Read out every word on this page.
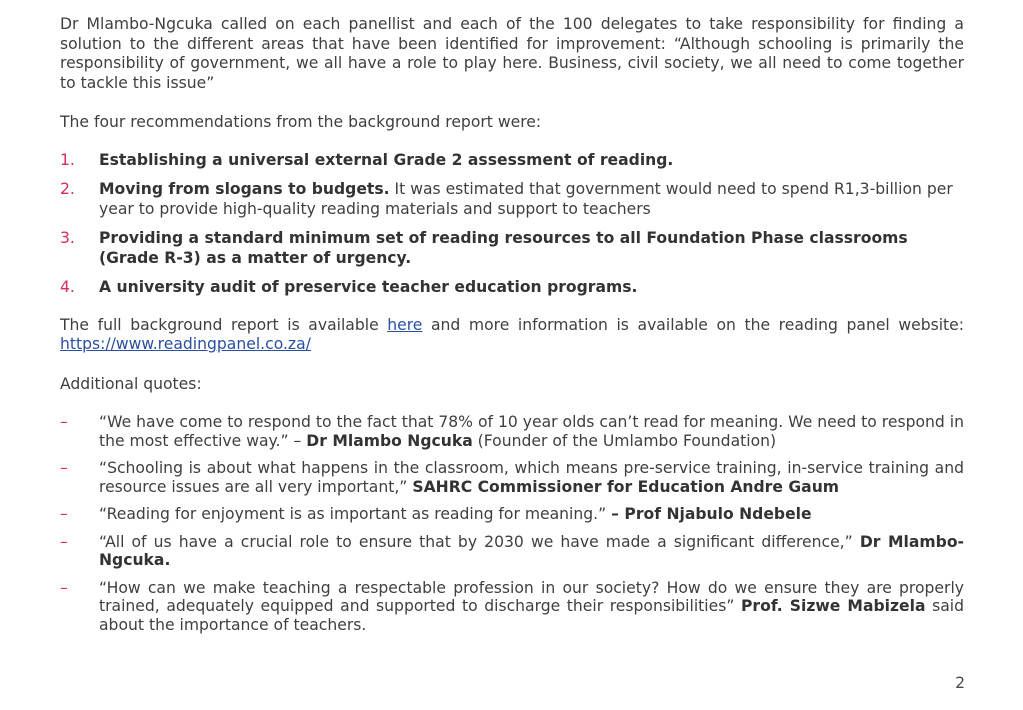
Dr Mlambo-Ngcuka called on each panellist and each of the 100 delegates to take responsibility for finding a solution to the different areas that have been identified for improvement: “Although schooling is primarily the responsibility of government, we all have a role to play here. Business, civil society, we all need to come together to tackle this issue”

The four recommendations from the background report were:

1. Establishing a universal external Grade 2 assessment of reading.
2. Moving from slogans to budgets. It was estimated that government would need to spend R1,3-billion per year to provide high-quality reading materials and support to teachers
3. Providing a standard minimum set of reading resources to all Foundation Phase classrooms (Grade R-3) as a matter of urgency.
4. A university audit of preservice teacher education programs.

The full background report is available here and more information is available on the reading panel website: https://www.readingpanel.co.za/

Additional quotes:

– “We have come to respond to the fact that 78% of 10 year olds can’t read for meaning. We need to respond in the most effective way.” – Dr Mlambo Ngcuka (Founder of the Umlambo Foundation)
– “Schooling is about what happens in the classroom, which means pre-service training, in-service training and resource issues are all very important,” SAHRC Commissioner for Education Andre Gaum
– “Reading for enjoyment is as important as reading for meaning.” – Prof Njabulo Ndebele
– “All of us have a crucial role to ensure that by 2030 we have made a significant difference,” Dr Mlambo-Ngcuka.
– “How can we make teaching a respectable profession in our society? How do we ensure they are properly trained, adequately equipped and supported to discharge their responsibilities” Prof. Sizwe Mabizela said about the importance of teachers.
2
